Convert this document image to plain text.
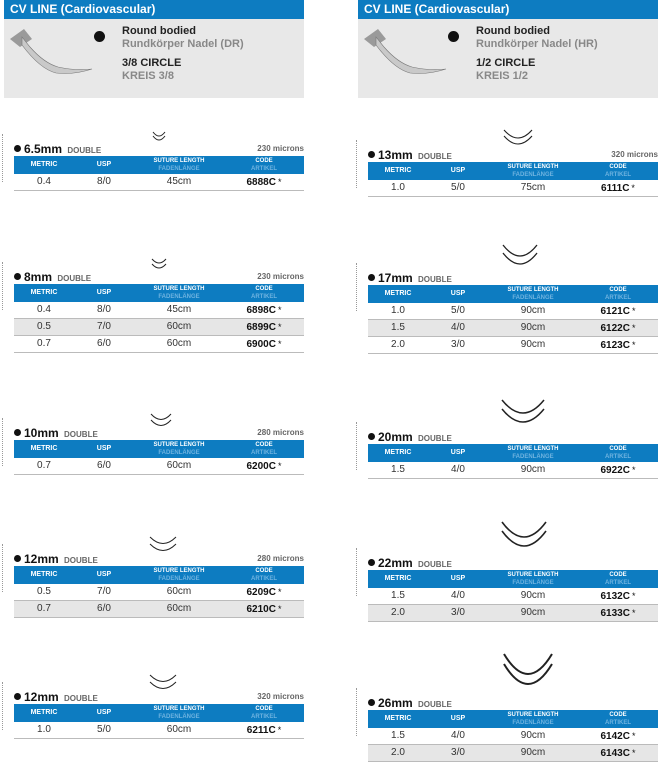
CV LINE (Cardiovascular)
Round bodied
Rundkörper Nadel (DR)
3/8 CIRCLE
KREIS 3/8
6.5mm DOUBLE	230 microns
METRIC	USP	SUTURE LENGTH
FADENLÄNGE
CODE
ARTIKEL
0.4	8/0	45cm	6888C *
8mm DOUBLE	230 microns
METRIC	USP	SUTURE LENGTH
FADENLÄNGE
CODE
ARTIKEL
0.4	8/0	45cm	6898C *
0.5	7/0	60cm	6899C *
0.7	6/0	60cm	6900C *
10mm DOUBLE	280 microns
METRIC	USP	SUTURE LENGTH
FADENLÄNGE
CODE
ARTIKEL
0.7	6/0	60cm	6200C *
12mm DOUBLE	280 microns
METRIC	USP	SUTURE LENGTH
FADENLÄNGE
CODE
ARTIKEL
0.5	7/0	60cm	6209C *
0.7	6/0	60cm	6210C *
12mm DOUBLE	320 microns
METRIC	USP	SUTURE LENGTH
FADENLÄNGE
CODE
ARTIKEL
1.0	5/0	60cm	6211C *
CV LINE (Cardiovascular)
Round bodied
Rundkörper Nadel (HR)
1/2 CIRCLE
KREIS 1/2
13mm DOUBLE	320 microns
METRIC	USP	SUTURE LENGTH
FADENLÄNGE
CODE
ARTIKEL
1.0	5/0	75cm	6111C *
17mm DOUBLE
METRIC	USP	SUTURE LENGTH
FADENLÄNGE
CODE
ARTIKEL
1.0	5/0	90cm	6121C *
1.5	4/0	90cm	6122C *
2.0	3/0	90cm	6123C *
20mm DOUBLE
METRIC	USP	SUTURE LENGTH
FADENLÄNGE
CODE
ARTIKEL
1.5	4/0	90cm	6922C *
22mm DOUBLE
METRIC	USP	SUTURE LENGTH
FADENLÄNGE
CODE
ARTIKEL
1.5	4/0	90cm	6132C *
2.0	3/0	90cm	6133C *
26mm DOUBLE
METRIC	USP	SUTURE LENGTH
FADENLÄNGE
CODE
ARTIKEL
1.5	4/0	90cm	6142C *
2.0	3/0	90cm	6143C *
